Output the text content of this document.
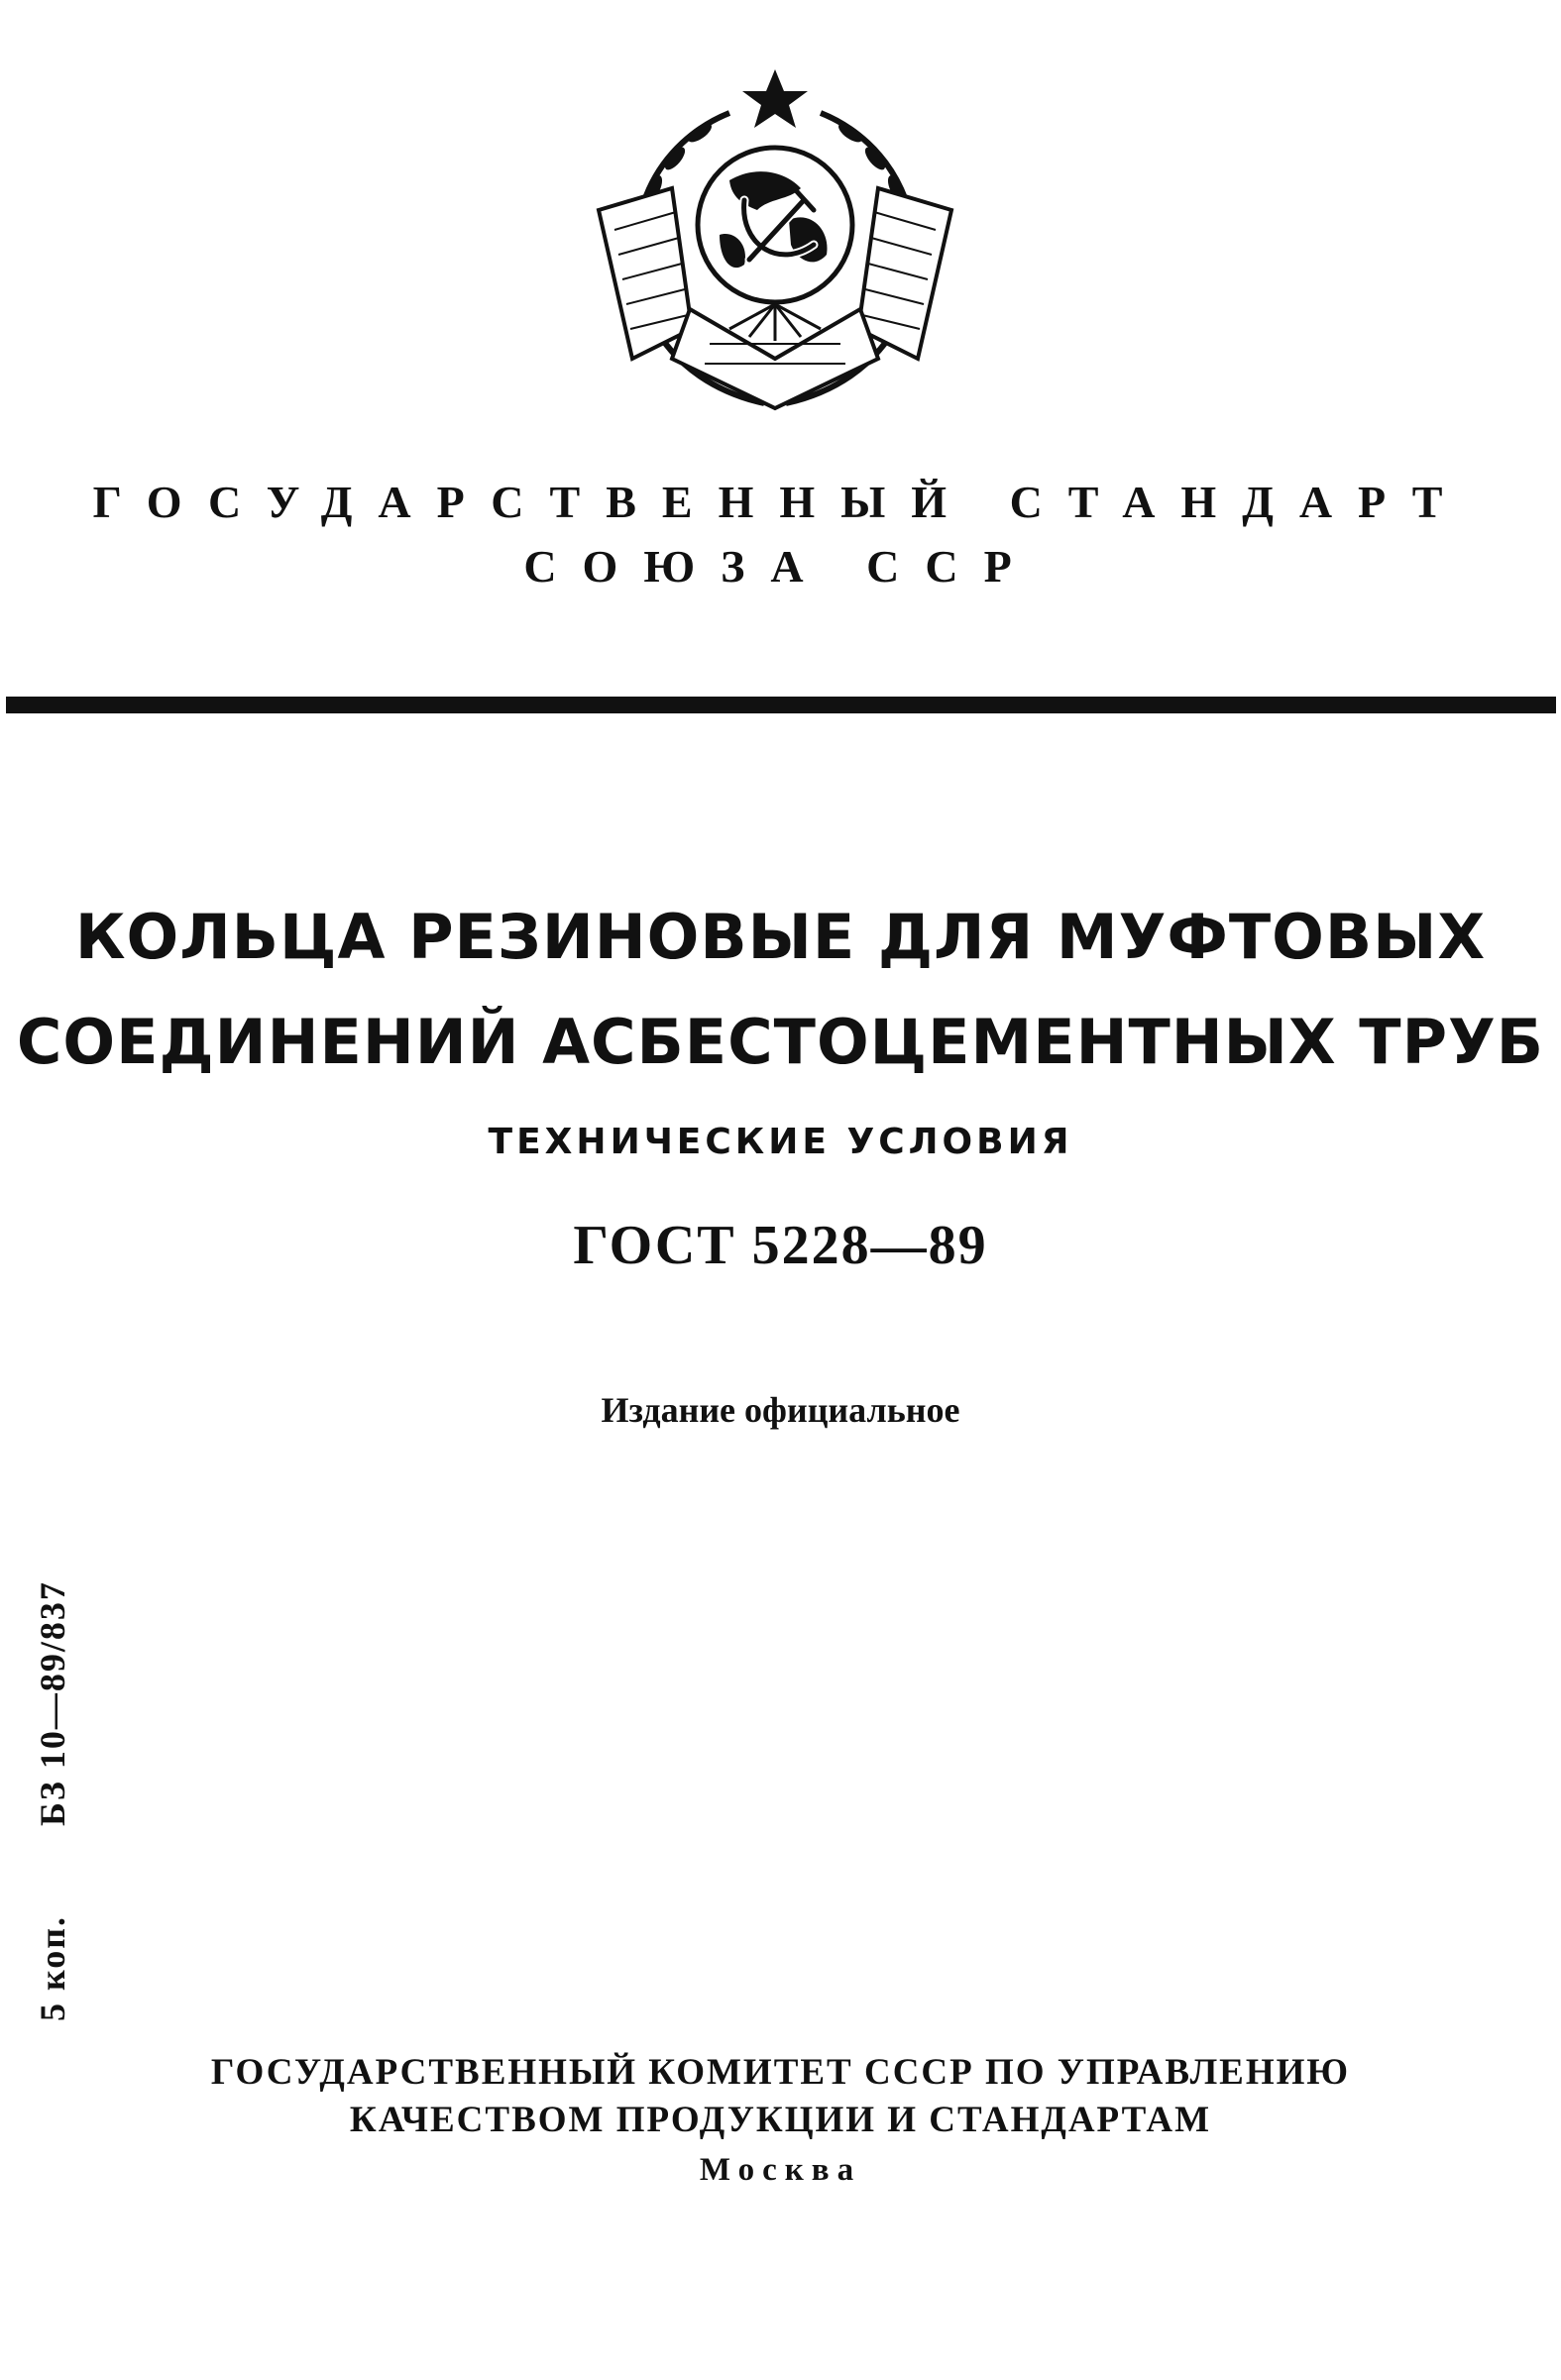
ГОСУДАРСТВЕННЫЙ СТАНДАРТ
СОЮЗА ССР
КОЛЬЦА РЕЗИНОВЫЕ ДЛЯ МУФТОВЫХ
СОЕДИНЕНИЙ АСБЕСТОЦЕМЕНТНЫХ ТРУБ
ТЕХНИЧЕСКИЕ УСЛОВИЯ
ГОСТ 5228—89
Издание официальное
5 коп.БЗ 10—89/837
ГОСУДАРСТВЕННЫЙ КОМИТЕТ СССР ПО УПРАВЛЕНИЮ
КАЧЕСТВОМ ПРОДУКЦИИ И СТАНДАРТАМ
Москва
